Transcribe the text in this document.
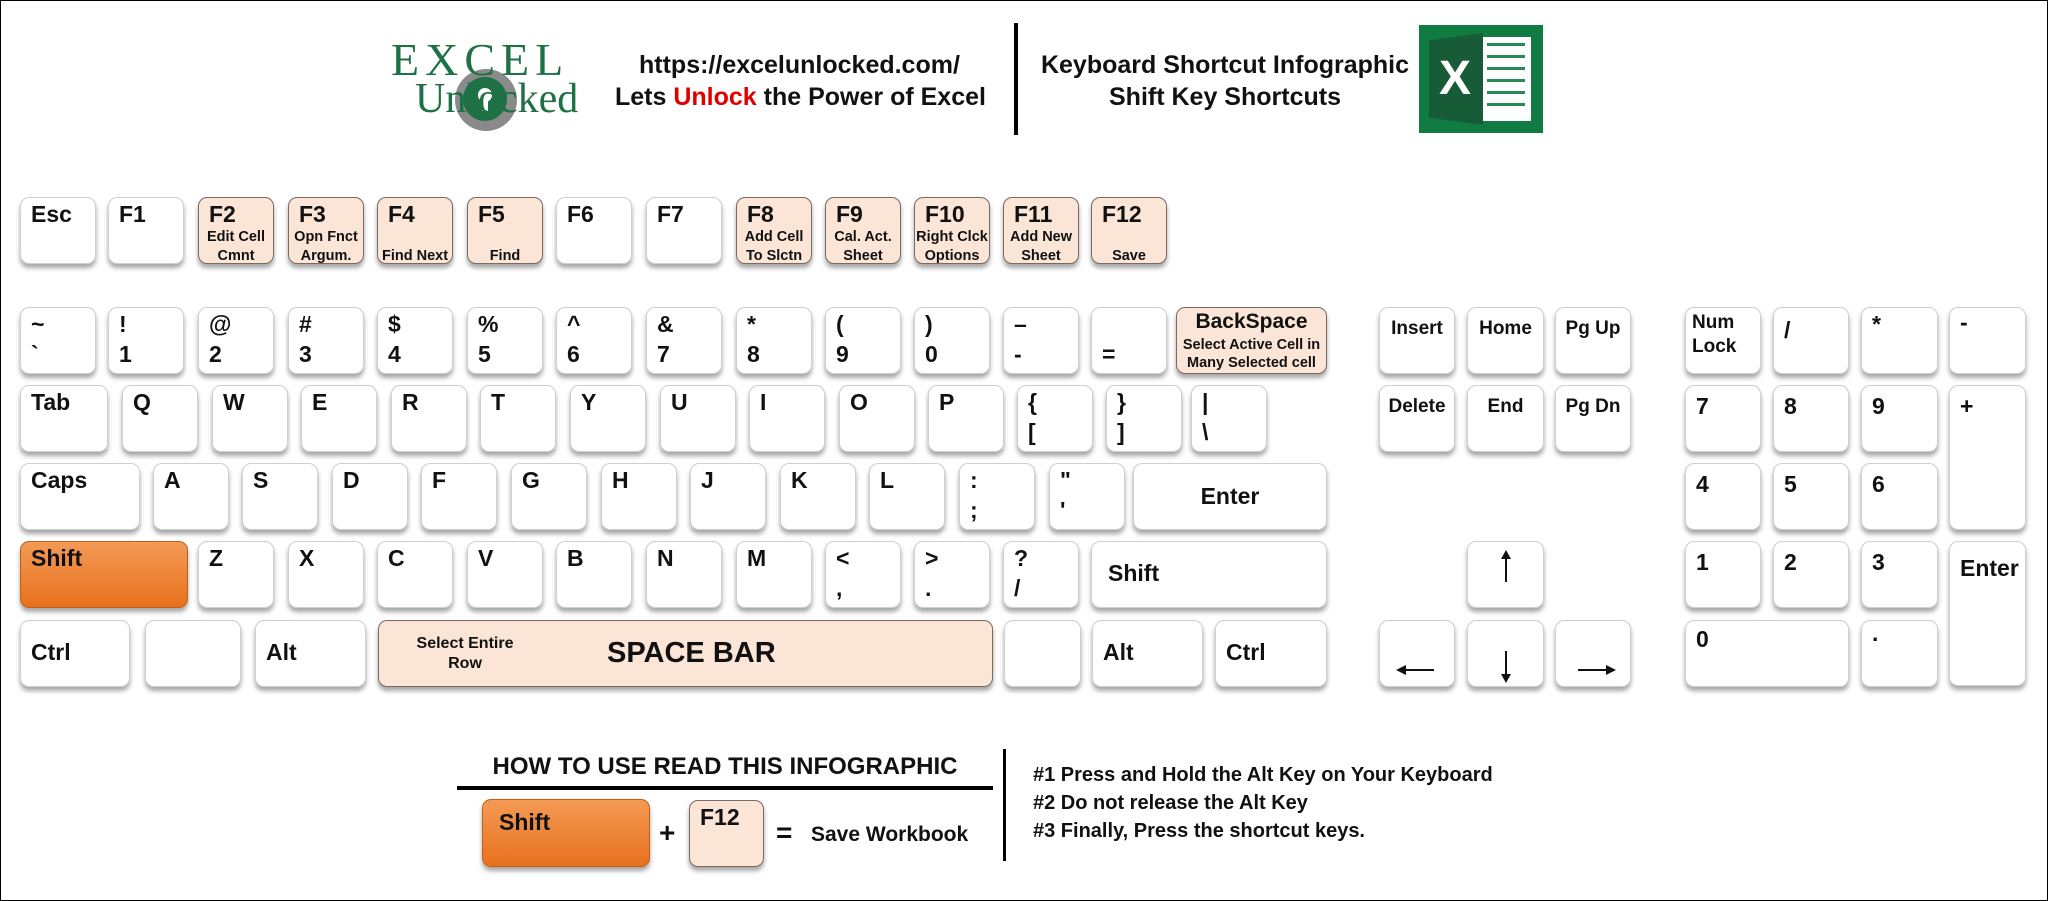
EXCEL
Unlocked
https://excelunlocked.com/
Lets Unlock the Power of Excel
Keyboard Shortcut Infographic
Shift Key Shortcuts	X
BackSpace
Select Active Cell in
Many Selected cell
Enter
Shift
Ctrl	Alt	Select Entire
Row	SPACE BAR	Alt	Ctrl
Insert	Home	Pg Up
Delete	End	Pg Dn
Num
Lock
/	*	-
7	8	9	+
4	5	6
1	2	3	Enter
0	.
HOW TO USE READ THIS INFOGRAPHIC
Shift	+ F12 = Save Workbook
#1 Press and Hold the Alt Key on Your Keyboard
#2 Do not release the Alt Key
#3 Finally, Press the shortcut keys.
Esc F1	F2
Edit Cell
Cmnt
F3
Opn Fnct
Argum.
F4
Find Next
F5
Find
F6	F7	F8
Add Cell
To Slctn
F9
Cal. Act.
Sheet
F10
Right Clck
Options
F11
Add New
Sheet
F12
Save
~
`
!
1
@
2
#
3
$
4
%
5
^
6
&
7
*
8
(
9
)
0
–
-	=
Tab	Q	W	E	R	T	Y	U	I	O	P	{
[
}
]
|
\
Caps	A	S	D	F	G	H	J	K	L	:
;
"
'
Shift	Z	X	C	V	B	N	M	<
,
>
.
?
/
